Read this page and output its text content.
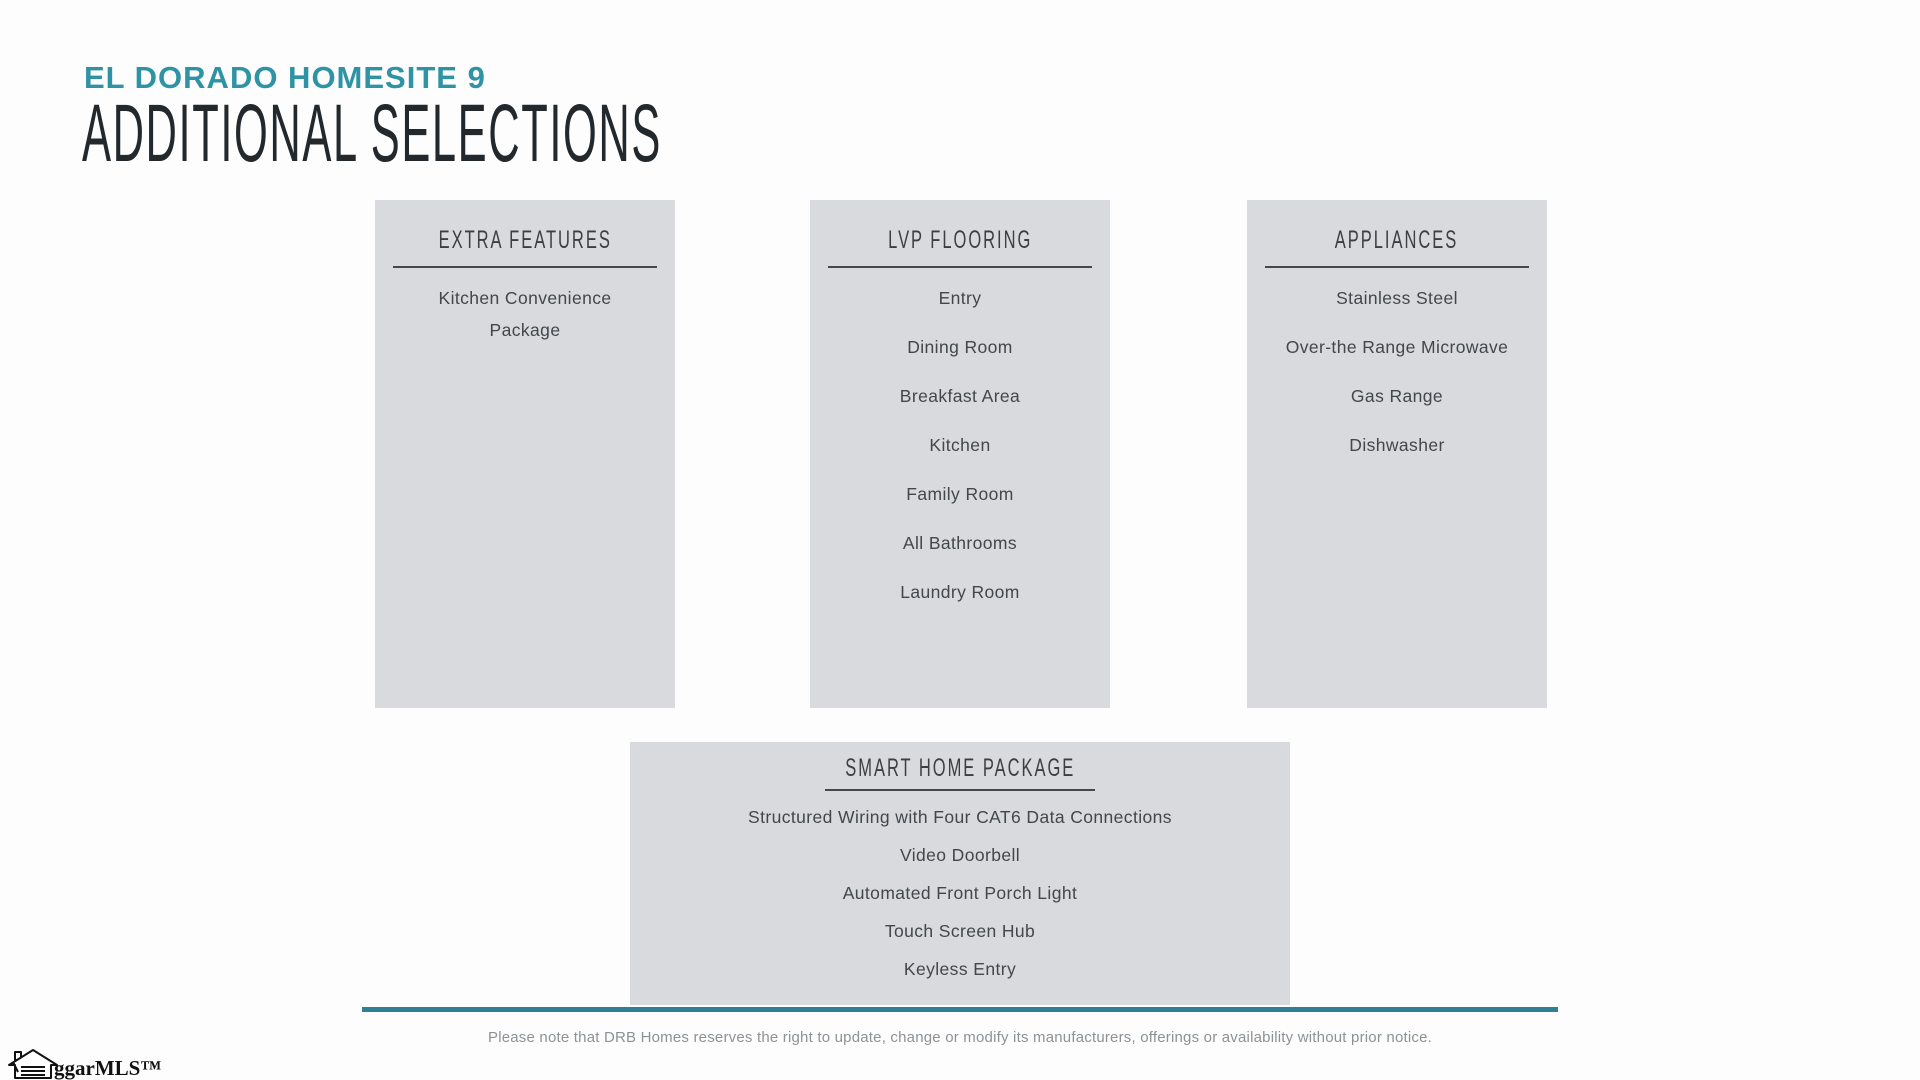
EL DORADO HOMESITE 9
ADDITIONAL SELECTIONS
EXTRA FEATURES
Kitchen Convenience Package
LVP FLOORING
Entry
Dining Room
Breakfast Area
Kitchen
Family Room
All Bathrooms
Laundry Room
APPLIANCES
Stainless Steel
Over-the Range Microwave
Gas Range
Dishwasher
SMART HOME PACKAGE
Structured Wiring with Four CAT6 Data Connections
Video Doorbell
Automated Front Porch Light
Touch Screen Hub
Keyless Entry
Please note that DRB Homes reserves the right to update, change or modify its manufacturers, offerings or availability without prior notice.
ggarMLS™
